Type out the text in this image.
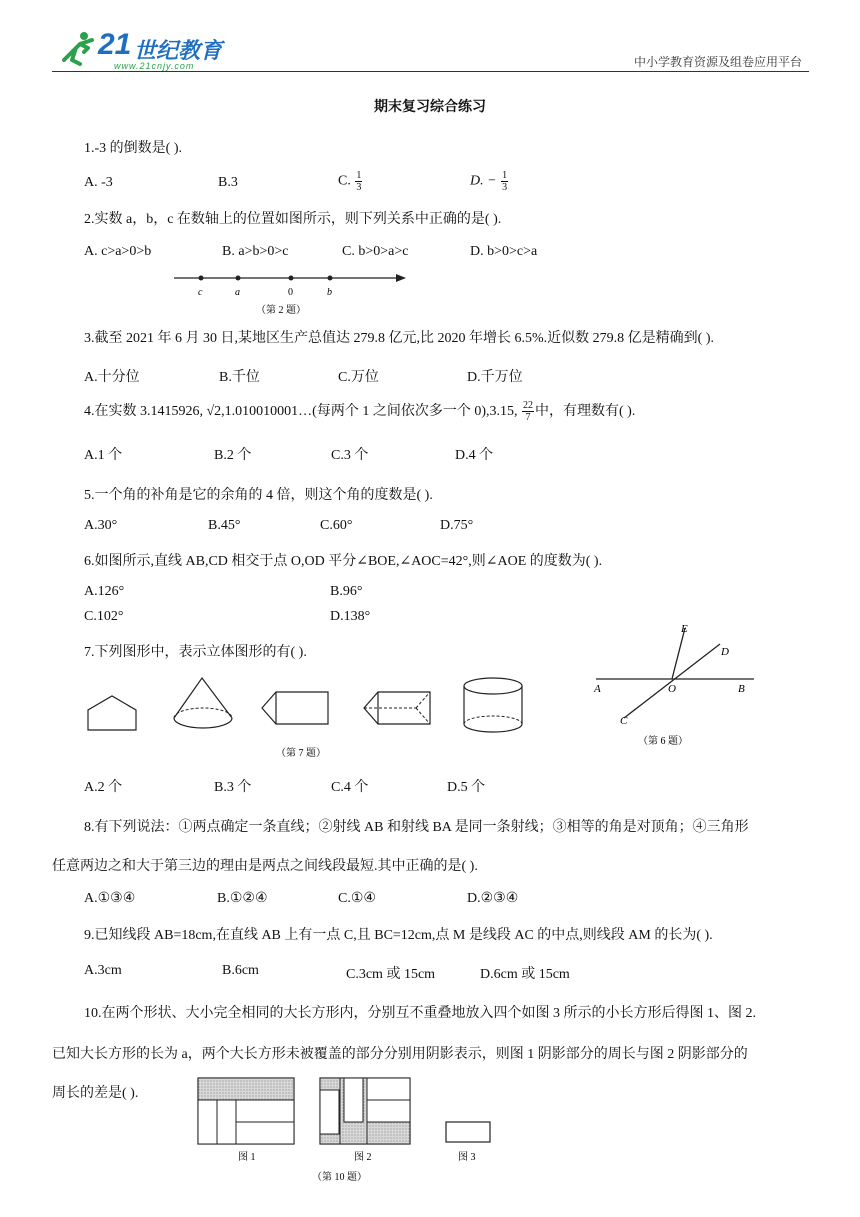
21 世纪教育
www.21cnjy.com	中小学教育资源及组卷应用平台
期末复习综合练习
1.-3 的倒数是( ).
A. -3	B.3	C. $\frac{1}{3}$	D. − $\frac{1}{3}$
2.实数 a，b，c 在数轴上的位置如图所示，则下列关系中正确的是( ).
A. c>a>0>b	B. a>b>0>c	C. b>0>a>c	D. b>0>c>a
c	a	0	b
（第 2 题）
3.截至 2021 年 6 月 30 日,某地区生产总值达 279.8 亿元,比 2020 年增长 6.5%.近似数 279.8 亿是精确到( ).
A.十分位	B.千位	C.万位	D.千万位
4.在实数 3.1415926, √2,1.010010001…(每两个 1 之间依次多一个 0),3.15, $\frac{22}{7}$ 中，有理数有( ).
A.1 个	B.2 个	C.3 个	D.4 个
5.一个角的补角是它的余角的 4 倍，则这个角的度数是( ).
A.30°	B.45°	C.60°	D.75°
6.如图所示,直线 AB,CD 相交于点 O,OD 平分∠BOE,∠AOC=42°,则∠AOE 的度数为( ).
A.126°	B.96°
C.102°	D.138°
E
D
A	O	B
C
（第 6 题）
7.下列图形中，表示立体图形的有( ).
（第 7 题）
A.2 个	B.3 个	C.4 个	D.5 个
8.有下列说法：①两点确定一条直线；②射线 AB 和射线 BA 是同一条射线；③相等的角是对顶角；④三角形
任意两边之和大于第三边的理由是两点之间线段最短.其中正确的是( ).
A.①③④	B.①②④	C.①④	D.②③④
9.已知线段 AB=18cm,在直线 AB 上有一点 C,且 BC=12cm,点 M 是线段 AC 的中点,则线段 AM 的长为( ).
A.3cm	B.6cm	C.3cm 或 15cm	D.6cm 或 15cm
10.在两个形状、大小完全相同的大长方形内，分别互不重叠地放入四个如图 3 所示的小长方形后得图 1、图 2.
已知大长方形的长为 a，两个大长方形未被覆盖的部分分别用阴影表示，则图 1 阴影部分的周长与图 2 阴影部分的
周长的差是( ).
图 1	图 2	图 3
（第 10 题）
